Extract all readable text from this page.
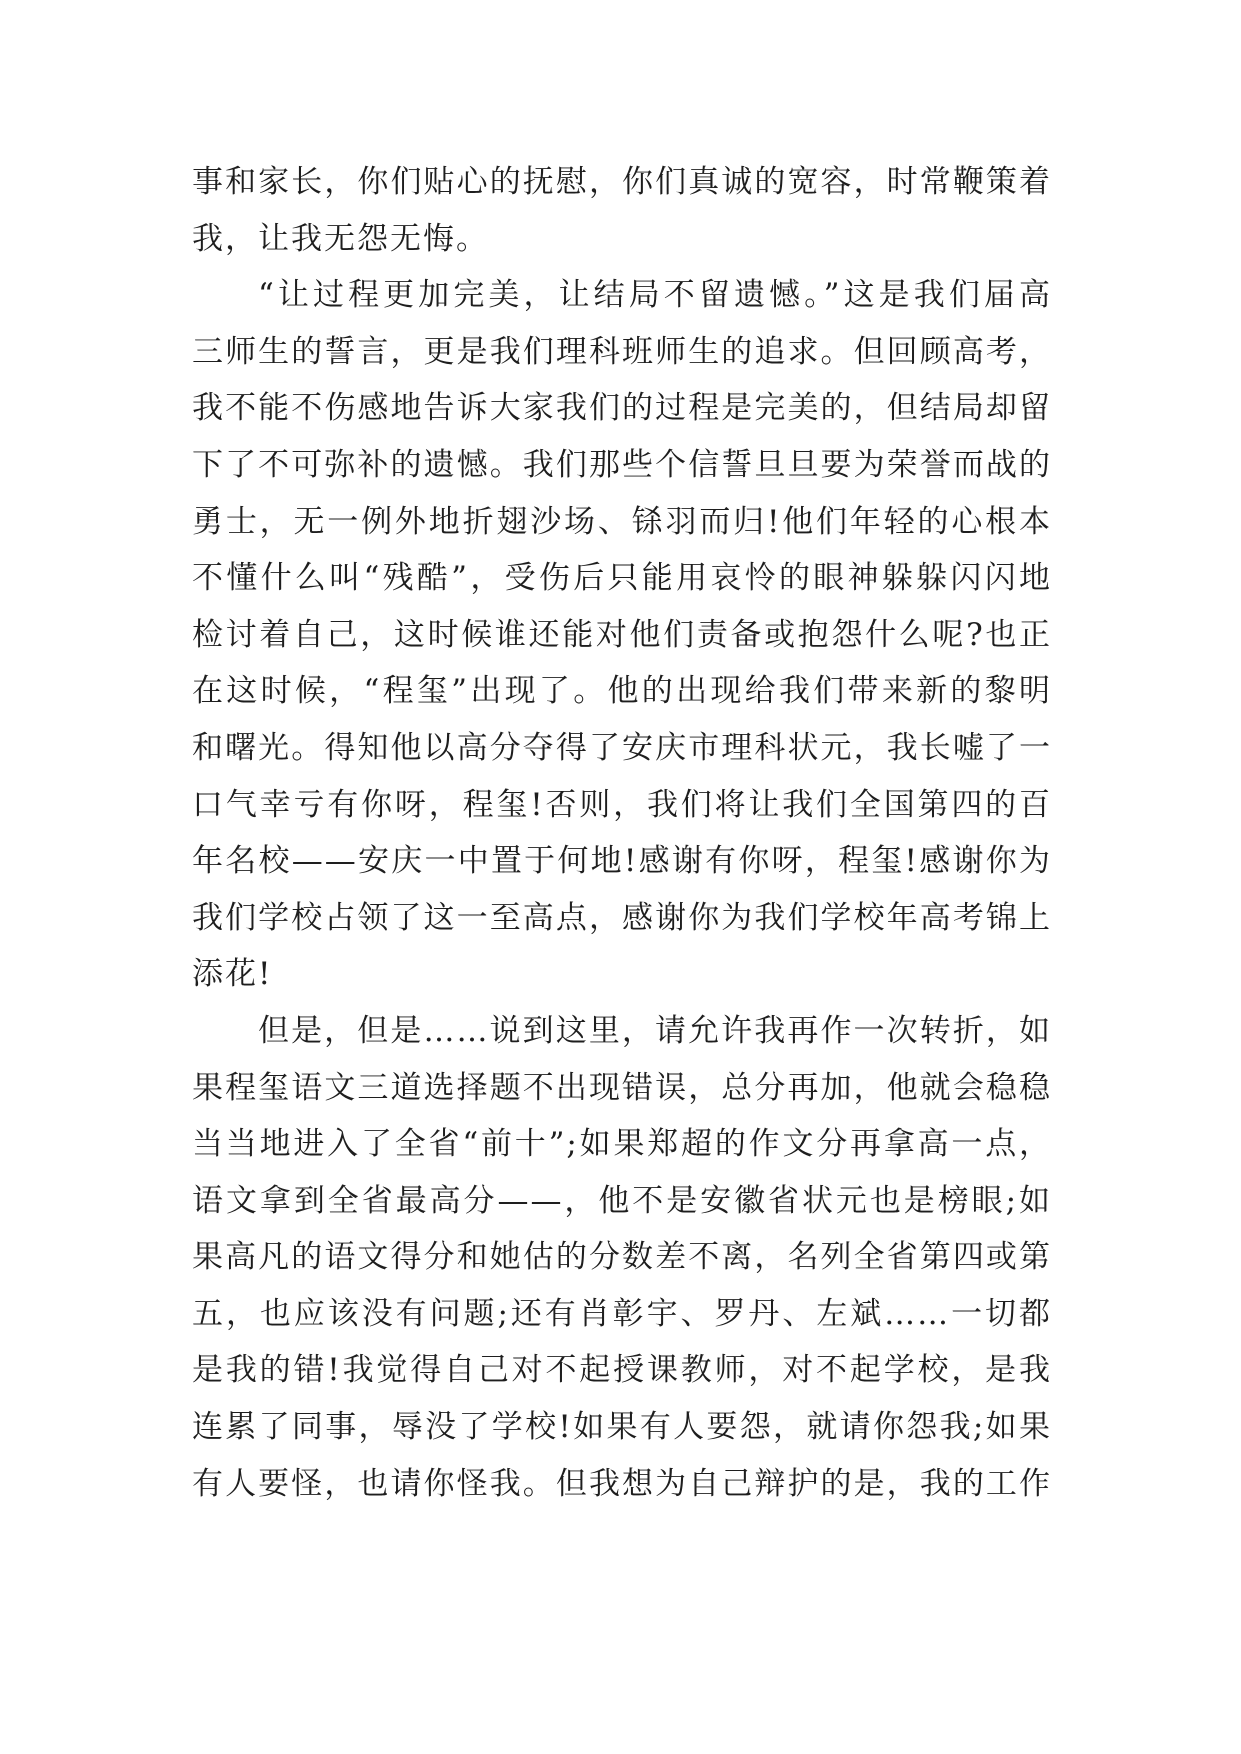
事和家长，你们贴心的抚慰，你们真诚的宽容，时常鞭策着
我，让我无怨无悔。
“让过程更加完美，让结局不留遗憾。”这是我们届高
三师生的誓言，更是我们理科班师生的追求。但回顾高考，
我不能不伤感地告诉大家我们的过程是完美的，但结局却留
下了不可弥补的遗憾。我们那些个信誓旦旦要为荣誉而战的
勇士，无一例外地折翅沙场、铩羽而归!他们年轻的心根本
不懂什么叫“残酷”，受伤后只能用哀怜的眼神躲躲闪闪地
检讨着自己，这时候谁还能对他们责备或抱怨什么呢?也正
在这时候，“程玺”出现了。他的出现给我们带来新的黎明
和曙光。得知他以高分夺得了安庆市理科状元，我长嘘了一
口气幸亏有你呀，程玺!否则，我们将让我们全国第四的百
年名校——安庆一中置于何地!感谢有你呀，程玺!感谢你为
我们学校占领了这一至高点，感谢你为我们学校年高考锦上
添花!
但是，但是……说到这里，请允许我再作一次转折，如
果程玺语文三道选择题不出现错误，总分再加，他就会稳稳
当当地进入了全省“前十”;如果郑超的作文分再拿高一点，
语文拿到全省最高分——，他不是安徽省状元也是榜眼;如
果高凡的语文得分和她估的分数差不离，名列全省第四或第
五，也应该没有问题;还有肖彰宇、罗丹、左斌……一切都
是我的错!我觉得自己对不起授课教师，对不起学校，是我
连累了同事，辱没了学校!如果有人要怨，就请你怨我;如果
有人要怪，也请你怪我。但我想为自己辩护的是，我的工作
